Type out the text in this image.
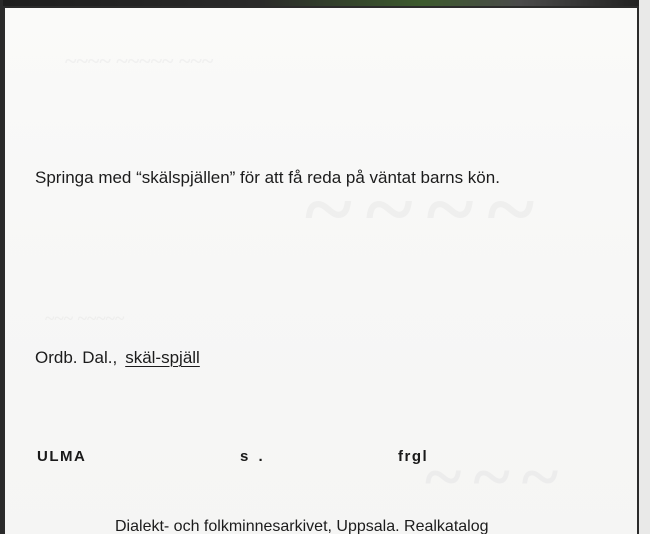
Springa med “skälspjällen” för att få reda på väntat barns kön.
Ordb. Dal., skäl-spjäll
ULMA	s .	frgl
Dialekt- och folkminnesarkivet, Uppsala. Realkatalog
